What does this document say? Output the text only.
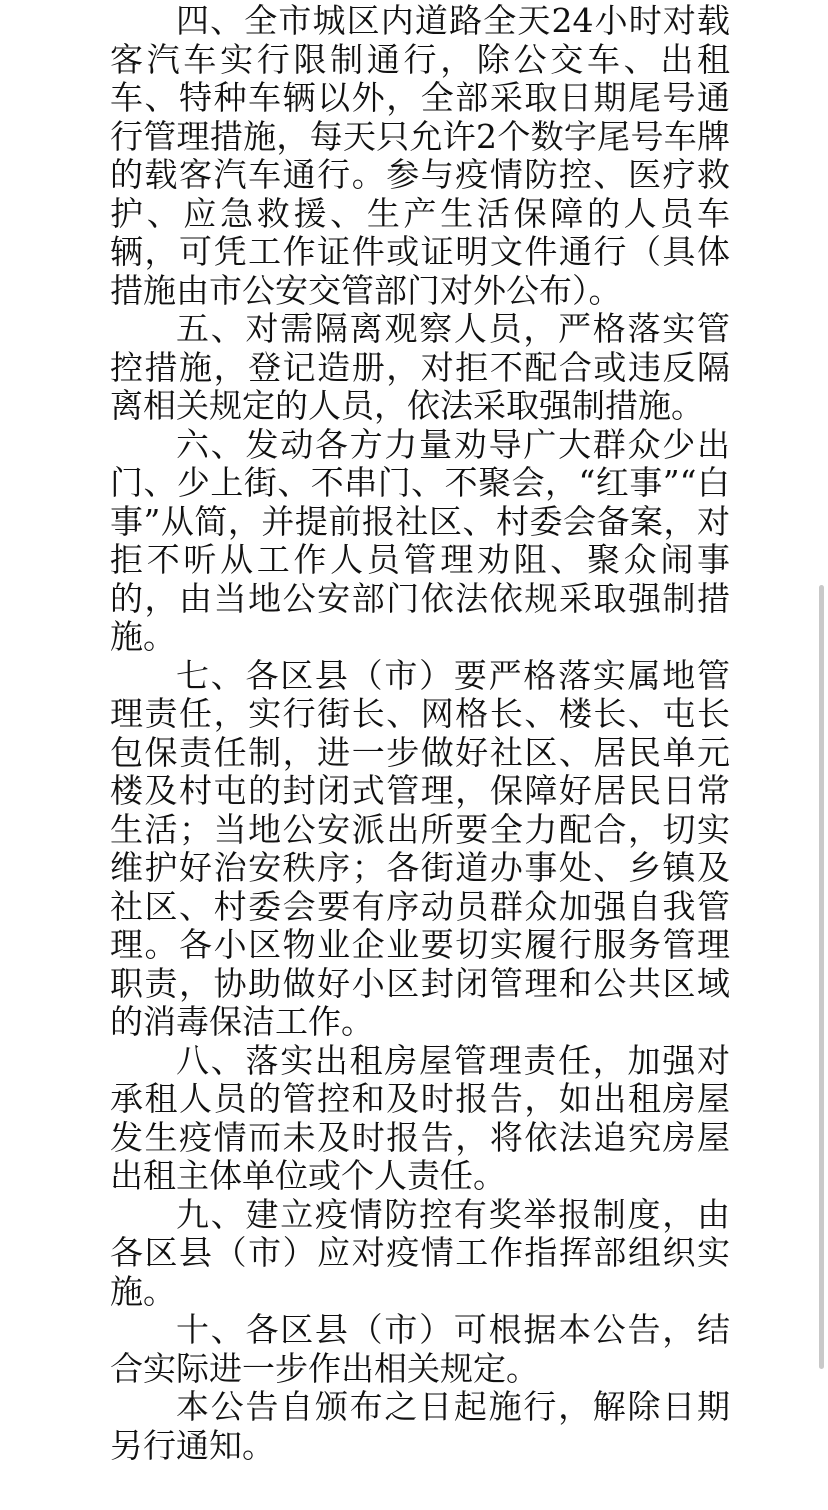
四、全市城区内道路全天24小时对载客汽车实行限制通行，除公交车、出租车、特种车辆以外，全部采取日期尾号通行管理措施，每天只允许2个数字尾号车牌的载客汽车通行。参与疫情防控、医疗救护、应急救援、生产生活保障的人员车辆，可凭工作证件或证明文件通行（具体措施由市公安交管部门对外公布）。

五、对需隔离观察人员，严格落实管控措施，登记造册，对拒不配合或违反隔离相关规定的人员，依法采取强制措施。

六、发动各方力量劝导广大群众少出门、少上街、不串门、不聚会，“红事”“白事”从简，并提前报社区、村委会备案，对拒不听从工作人员管理劝阻、聚众闹事的，由当地公安部门依法依规采取强制措施。

七、各区县（市）要严格落实属地管理责任，实行街长、网格长、楼长、屯长包保责任制，进一步做好社区、居民单元楼及村屯的封闭式管理，保障好居民日常生活；当地公安派出所要全力配合，切实维护好治安秩序；各街道办事处、乡镇及社区、村委会要有序动员群众加强自我管理。各小区物业企业要切实履行服务管理职责，协助做好小区封闭管理和公共区域的消毒保洁工作。

八、落实出租房屋管理责任，加强对承租人员的管控和及时报告，如出租房屋发生疫情而未及时报告，将依法追究房屋出租主体单位或个人责任。

九、建立疫情防控有奖举报制度，由各区县（市）应对疫情工作指挥部组织实施。

十、各区县（市）可根据本公告，结合实际进一步作出相关规定。

本公告自颁布之日起施行，解除日期另行通知。
